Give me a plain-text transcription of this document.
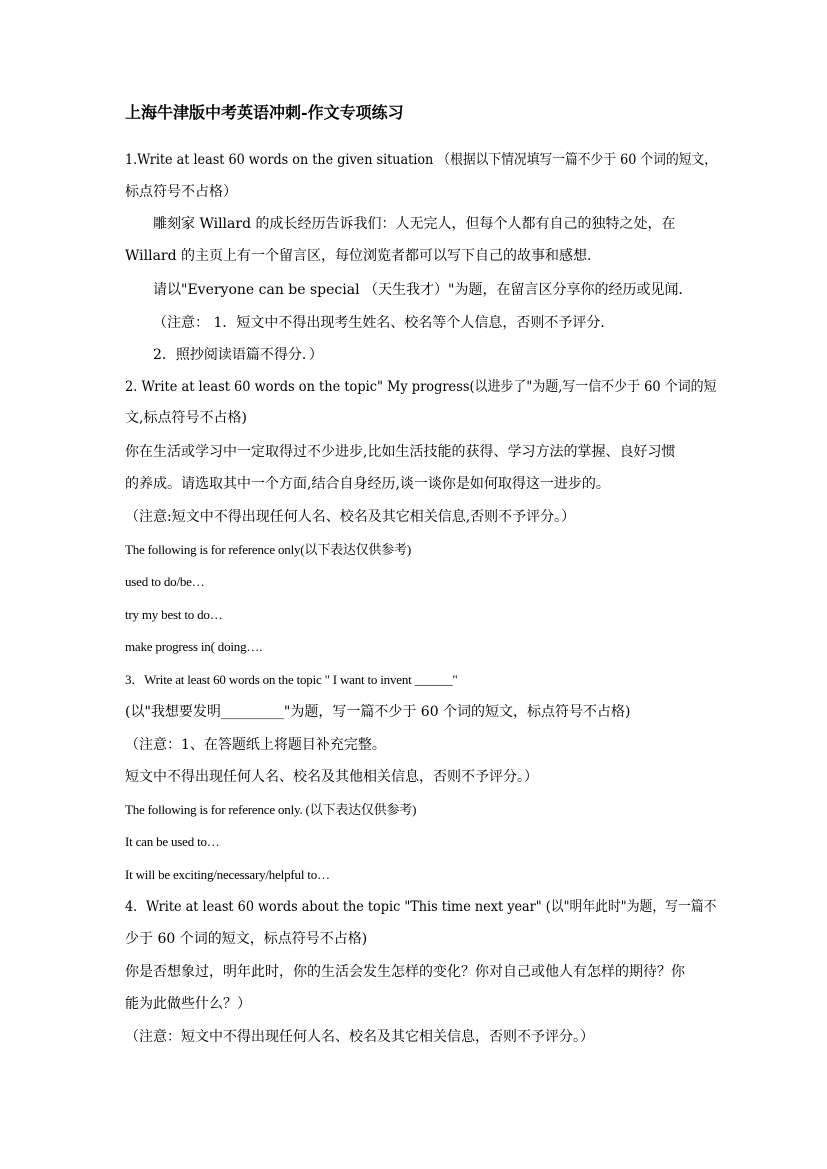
上海牛津版中考英语冲刺-作文专项练习
1.Write at least 60 words on the given situation （根据以下情况填写一篇不少于 60 个词的短文，
标点符号不占格）
雕刻家 Willard 的成长经历告诉我们：人无完人，但每个人都有自己的独特之处，在
Willard 的主页上有一个留言区，每位浏览者都可以写下自己的故事和感想．
请以"Everyone can be special （天生我才）"为题，在留言区分享你的经历或见闻．
（注意： 1．短文中不得出现考生姓名、校名等个人信息，否则不予评分．
2．照抄阅读语篇不得分．）
2. Write at least 60 words on the topic" My progress(以进步了"为题,写一信不少于 60 个词的短
文,标点符号不占格)
你在生活或学习中一定取得过不少进步,比如生活技能的获得、学习方法的掌握、良好习惯
的养成。请选取其中一个方面,结合自身经历,谈一谈你是如何取得这一进步的。
（注意:短文中不得出现任何人名、校名及其它相关信息,否则不予评分。）
The following is for reference only(以下表达仅供参考)
used to do/be…
try my best to do…
make progress in( doing….
3．Write at least 60 words on the topic " I want to invent ______"
(以"我想要发明_________"为题，写一篇不少于 60 个词的短文，标点符号不占格)
（注意：1、在答题纸上将题目补充完整。
短文中不得出现任何人名、校名及其他相关信息，否则不予评分。）
The following is for reference only. (以下表达仅供参考)
It can be used to…
It will be exciting/necessary/helpful to…
4．Write at least 60 words about the topic "This time next year" (以"明年此时"为题，写一篇不
少于 60 个词的短文，标点符号不占格)
你是否想象过，明年此时，你的生活会发生怎样的变化？你对自己或他人有怎样的期待？你
能为此做些什么？）
（注意：短文中不得出现任何人名、校名及其它相关信息，否则不予评分。）
